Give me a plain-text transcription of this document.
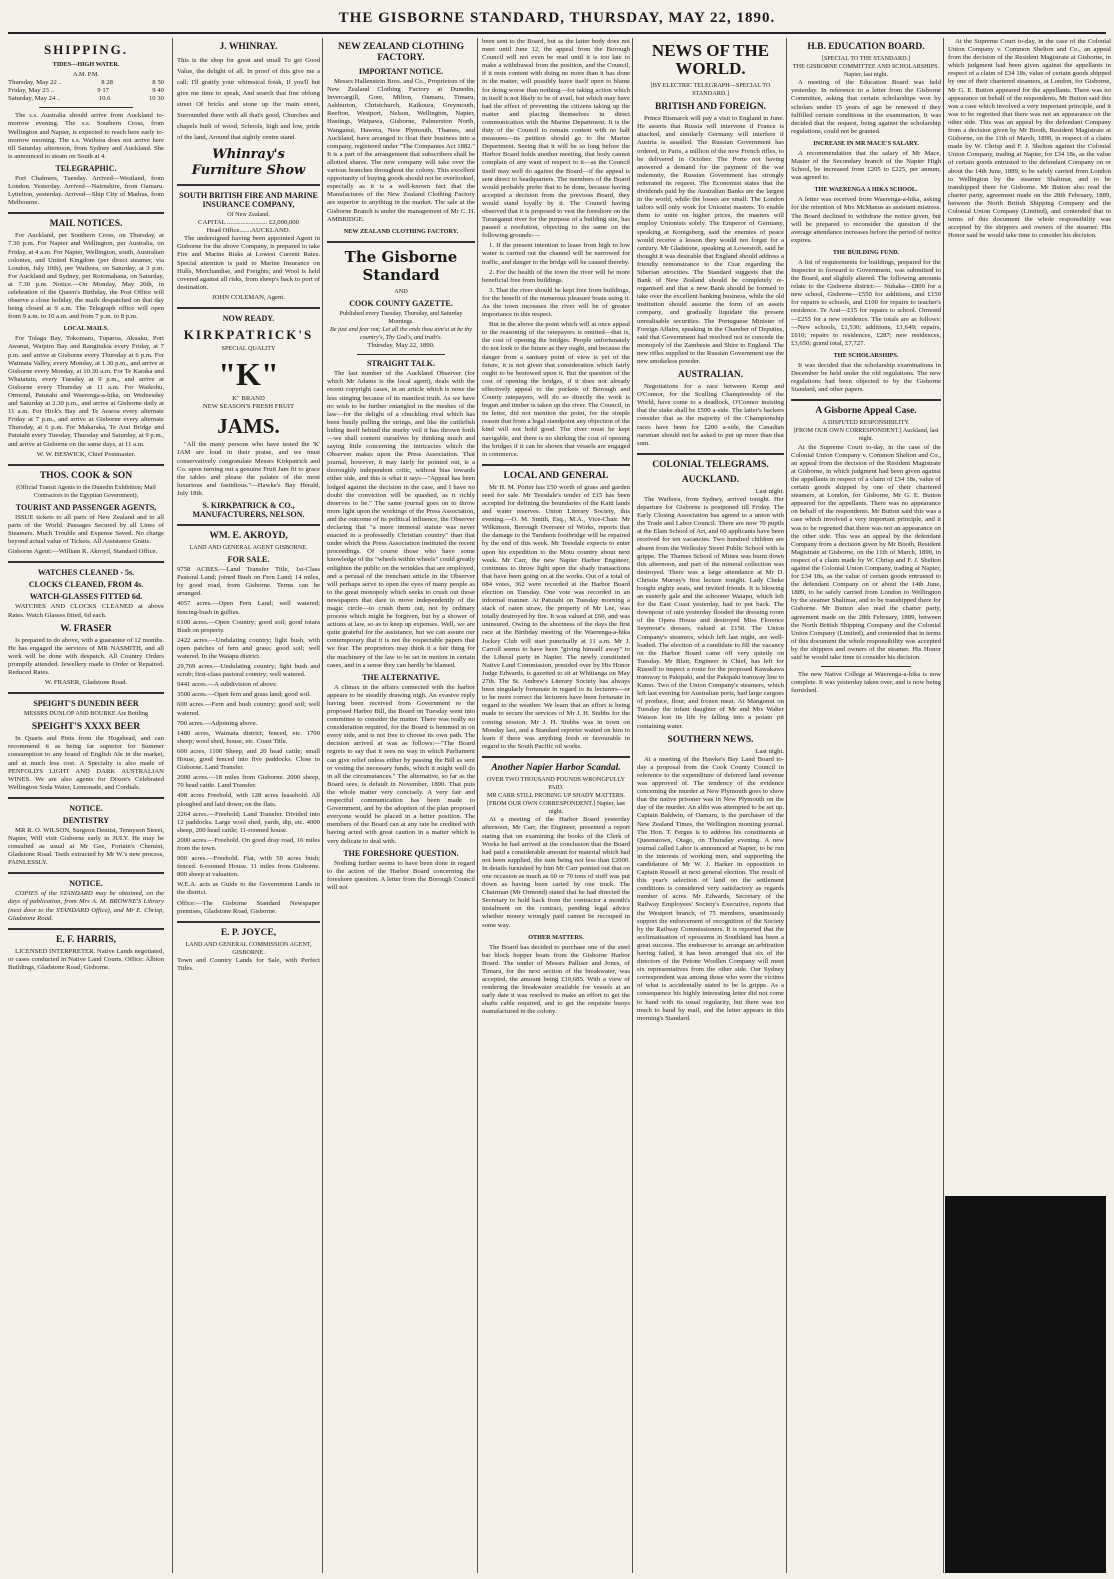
THE GISBORNE STANDARD, THURSDAY, MAY 22, 1890.
SHIPPING.
TIDES—HIGH WATER.
A.M. P.M.
Thursday, May 22 ..	8 28	8 50
Friday, May 23 ..	9 17	9 40
Saturday, May 24 ..	10.6	10 30

The s.s. Australia should arrive from Auckland to-morrow evening. The s.s. Southern Cross, from Wellington and Napier, is expected to reach here early to-morrow morning. The s.s. Waihora does not arrive here till Saturday afternoon, from Sydney and Auckland. She is announced to steam on South at 4.

TELEGRAPHIC.

Port Chalmers, Tuesday. Arrived—Westland, from London. Yesterday. Arrived—Nairnshire, from Oamaru. Lyttelton, yesterday. Arrived—Ship City of Madras, from Melbourne.

MAIL NOTICES.

For Auckland, per Southern Cross, on Thursday, at 7.30 p.m. For Napier and Wellington, per Australia, on Friday, at 4 a.m. For Napier, Wellington, south, Australian colonies, and United Kingdom (per direct steamer, via London, July 10th), per Waihora, on Saturday, at 3 p.m. For Auckland and Sydney, per Rotomahana, on Saturday, at 7.30 p.m. Notice.—On Monday, May 26th, in celebration of the Queen's Birthday, the Post Office will observe a close holiday, the mails despatched on that day being closed at 9 a.m. The Telegraph office will open from 9 a.m. to 10 a.m. and from 7 p.m. to 8 p.m.

LOCAL MAILS.

For Tolaga Bay, Tokomaru, Tuparoa, Akuaku, Port Awanui, Waipiro Bay and Rangitukia every Friday, at 7 p.m. and arrive at Gisborne every Thursday at 6 p.m. For Waimata Valley, every Monday, at 1.30 p.m., and arrive at Gisborne every Monday, at 10.30 a.m. For Te Karaka and Whatatutu, every Tuesday at 9 p.m., and arrive at Gisborne every Thursday at 11 a.m. For Waikohu, Ormond, Patutahi and Waerenga-a-hika, on Wednesday and Saturday at 2.30 p.m., and arrive at Gisborne daily at 11 a.m. For Hick's Bay and Te Araroa every alternate Friday at 7 p.m., and arrive at Gisborne every alternate Thursday, at 6 p.m. For Makaraka, Te Arai Bridge and Patutahi every Tuesday, Thursday and Saturday, at 9 p.m., and arrive at Gisborne on the same days, at 11 a.m.

W. W. BESWICK, Chief Postmaster.
THOS. COOK & SON
(Official Transit Agents to the Dunedin Exhibition; Mail Contractors to the Egyptian Government),
TOURIST AND PASSENGER AGENTS,

ISSUE tickets to all parts of New Zealand and to all parts of the World. Passages Secured by all Lines of Steamers. Much Trouble and Expense Saved. No charge beyond actual value of Tickets. All Assistance Gratis.

Gisborne Agent:—William R. Akroyd, Standard Office.

WATCHES CLEANED - 5s.
CLOCKS CLEANED, FROM 4s.
WATCH-GLASSES FITTED 6d.

WATCHES AND CLOCKS CLEANED at above Rates. Watch Glasses fitted, 6d each.

W. FRASER

Is prepared to do above, with a guarantee of 12 months. He has engaged the services of MR NASMITH, and all work will be done with despatch. All Country Orders promptly attended. Jewellery made to Order or Repaired. Reduced Rates.

W. FRASER, Gladstone Road.
SPEIGHT'S DUNEDIN BEER
MESSRS DUNLOP AND BOURKE Are Bottling
SPEIGHT'S XXXX BEER

In Quarts and Pints from the Hogshead, and can recommend it as being far superior for Summer consumption to any brand of English Ale in the market, and at much less cost. A Specialty is also made of PENFOLD'S LIGHT AND DARK AUSTRALIAN WINES. We are also agents for Dixon's Celebrated Wellington Soda Water, Lemonade, and Cordials.

NOTICE.
DENTISTRY

MR R. O. WILSON, Surgeon Dentist, Tennyson Street, Napier, Will visit Gisborne early in JULY. He may be consulted as usual at Mr Gee, Fortain's Chemist, Gladstone Road. Teeth extracted by Mr W.'s new process, PAINLESSLY.

NOTICE.

COPIES of the STANDARD may be obtained, on the days of publication, from Mrs A. M. BROWNE'S Library (next door to the STANDARD Office), and Mr E. Chrisp, Gladstone Road.

E. F. HARRIS,

LICENSED INTERPRETER. Native Lands negotiated, or cases conducted in Native Land Courts. Office: Albion Buildings, Gladstone Road, Gisborne.

J. WHINRAY.

This is the shop for great and small To get Good Value, the delight of all. In proof of this give me a call; I'll gratify your whimsical freak, If you'll but give me time to speak, And search that fine oblong street Of bricks and stone up the main street, Surrounded there with all that's good, Churches and chapels built of wood, Schools, high and low, pride of the land, Around that sightly centre stand.

Whinray's Furniture Show
SOUTH BRITISH FIRE AND MARINE INSURANCE COMPANY,
Of New Zealand.
CAPITAL ........................ £2,000,000
Head Office.......AUCKLAND.

The undersigned having been appointed Agent in Gisborne for the above Company, is prepared to take Fire and Marine Risks at Lowest Current Rates. Special attention is paid to Marine Insurance on Hulls, Merchandise, and Freights; and Wool is held covered against all risks, from sheep's back to port of destination.

JOHN COLEMAN, Agent.
NOW READY.
KIRKPATRICK'S
SPECIAL QUALITY
"K"
K" BRAND
NEW SEASON'S FRESH FRUIT
JAMS.

"All the many persons who have tested the 'K' JAM are loud in their praise, and we must conservatively congratulate Messrs Kirkpatrick and Co. upon turning out a genuine Fruit Jam fit to grace the tables and please the palates of the most luxurious and fastidious."—Hawke's Bay Herald, July 18th.

S. KIRKPATRICK & CO., MANUFACTURERS, NELSON.
WM. E. AKROYD,
LAND AND GENERAL AGENT GISBORNE.
FOR SALE.

9758 ACRES.—Land Transfer Title, 1st-Class Pastoral Land; joined Bush on Fern Land; 14 miles, by good road, from Gisborne. Terms can be arranged.

4057 acres.—Open Fern Land; well watered; fencing-bush in gullies.

6100 acres.—Open Country; good soil; good totara Bush on property.

2422 acres.—Undulating country; light bush, with open patches of fern and grass; good soil; well watered. In the Waiapu district.

29,769 acres.—Undulating country; light bush and scrub; first-class pastoral country; well watered.

9441 acres.—A subdivision of above.

3500 acres.—Open fern and grass land; good soil.

600 acres.—Fern and bush country; good soil; well watered.

700 acres.—Adjoining above.

1480 acres, Waimata district; fenced, etc. 1700 sheep; wool shed, house, etc. Coast Title.

600 acres, 1100 Sheep, and 20 head cattle; small House, good fenced into five paddocks. Close to Gisborne. Land Transfer.

2000 acres.—18 miles from Gisborne. 2000 sheep, 70 head cattle. Land Transfer.

498 acres Freehold, with 128 acres leasehold. All ploughed and laid down; on the flats.

2264 acres.—Freehold; Land Transfer. Divided into 12 paddocks. Large wool shed, yards, dip, etc. 4000 sheep, 200 head cattle; 11-roomed house.

2000 acres.—Freehold. On good dray road, 16 miles from the town.

900 acres.—Freehold. Flat, with 50 acres bush; fenced. 6-roomed House. 11 miles from Gisborne. 800 sheep at valuation.

W.E.A. acts as Guide to the Government Lands in the district.

Office:—The Gisborne Standard Newspaper premises, Gladstone Road, Gisborne.

E. P. JOYCE,
LAND AND GENERAL COMMISSION AGENT, GISBORNE.

Town and Country Lands for Sale, with Perfect Titles.

NEW ZEALAND CLOTHING FACTORY.
IMPORTANT NOTICE.

Messrs Hallenstein Bros. and Co., Proprietors of the New Zealand Clothing Factory at Dunedin, Invercargill, Gore, Milton, Oamaru, Timaru, Ashburton, Christchurch, Kaikoura, Greymouth, Reefton, Westport, Nelson, Wellington, Napier, Hastings, Waipawa, Gisborne, Palmerston North, Wanganui, Hawera, New Plymouth, Thames, and Auckland, have arranged to float their business into a company, registered under "The Companies Act 1882." It is a part of the arrangement that subscribers shall be allotted shares. The new company will take over the various branches throughout the colony. This excellent opportunity of buying goods should not be overlooked, especially as it is a well-known fact that the Manufactures of the New Zealand Clothing Factory are superior to anything in the market. The sale at the Gisborne Branch is under the management of Mr C. H. AMBRIDGE.

NEW ZEALAND CLOTHING FACTORY.
The Gisborne Standard
AND
COOK COUNTY GAZETTE.
Published every Tuesday, Thursday, and Saturday Mornings.
Be just and fear not; Let all the ends thou aim'st at be thy country's, Thy God's, and truth's.
Thursday, May 22, 1890.
STRAIGHT TALK.

The last number of the Auckland Observer (for which Mr Adams is the local agent), deals with the recent copyright cases, in an article which is none the less stinging because of its manifest truth. As we have no wish to be further entangled in the meshes of the law—for the delight of a chuckling rival which has been busily pulling the strings, and like the cuttlefish hiding itself behind the murky veil it has thrown forth—we shall content ourselves by thinking much and saying little concerning the intricacies which the Observer makes upon the Press Association. That journal, however, it may fairly be pointed out, is a thoroughly independent critic, without bias towards either side, and this is what it says—"Appeal has been lodged against the decision in the case, and I have no doubt the conviction will be quashed, as it richly deserves to be." The same journal goes on to throw more light upon the workings of the Press Association, and the outcome of its political influence, the Observer declaring that "a more immoral statute was never enacted in a professedly Christian country" than that under which the Press Association instituted the recent proceedings. Of course those who have some knowledge of the "wheels within wheels" could greatly enlighten the public on the wrinkles that are employed, and a perusal of the trenchant article in the Observer will perhaps serve to open the eyes of many people as to the great monopoly which seeks to crush out those newspapers that dare to move independently of the magic circle—to crush them out, not by ordinary process which might be forgiven, but by a shower of actions at law, so as to keep up expenses. Well, we are quite grateful for the assistance, but we can assure our contemporary that it is not the respectable papers that we fear. The proprietors may think it a fair thing for the machinery of the law to be set in motion in certain cases, and in a sense they can hardly be blamed.

THE ALTERNATIVE.

A climax in the affairs connected with the harbor appears to be steadily drawing nigh. An evasive reply having been received from Government re the proposed Harbor Bill, the Board on Tuesday went into committee to consider the matter. There was really no consideration required, for the Board is hemmed in on every side, and is not free to choose its own path. The decision arrived at was as follows:—"The Board regrets to say that it sees no way in which Parliament can give relief unless either by passing the Bill as sent or vesting the necessary funds, which it might well do in all the circumstances." The alternative, so far as the Board sees, is default in November, 1890. That puts the whole matter very concisely. A very fair and respectful communication has been made to Government, and by the adoption of the plan proposed everyone would be placed in a better position. The members of the Board can at any rate be credited with having acted with great caution in a matter which is very delicate to deal with.

THE FORESHORE QUESTION.

Nothing further seems to have been done in regard to the action of the Harbor Board concerning the foreshore question. A letter from the Borough Council will not

been sent to the Board, but as the latter body does not meet until June 12, the appeal from the Borough Council will not even be read until it is too late to make a withdrawal from the position, and the Council, if it rests content with doing no more than it has done in the matter, will possibly leave itself open to blame for doing worse than nothing—for taking action which in itself is not likely to be of avail, but which may have had the effect of preventing the citizens taking up the matter and placing themselves in direct communication with the Marine Department. It is the duty of the Council to remain content with no half measures—its petition should go to the Marine Department. Seeing that it will be so long before the Harbor Board holds another meeting, that body cannot complain of any want of respect to it—as the Council itself may well do against the Board—if the appeal is sent direct to headquarters. The members of the Board would probably prefer that to be done, because having accepted a decision from the previous Board, they would stand loyally by it. The Council having observed that it is proposed to vest the foreshore on the Turanganui river for the purpose of a building site, has passed a resolution, objecting to the same on the following grounds:—

1. If the present intention to lease from high to low water is carried out the channel will be narrowed for traffic, and danger to the bridge will be caused thereby.

2. For the health of the town the river will be more beneficial free from buildings.

3. That the river should be kept free from buildings, for the benefit of the numerous pleasure boats using it. As the town increases the river will be of greater importance in this respect.

But in the above the point which will at once appeal to the reasoning of the ratepayers is omitted—that is, the cost of opening the bridges. People unfortunately do not look to the future as they ought, and because the danger from a sanitary point of view is yet of the future, it is not given that consideration which fairly ought to be bestowed upon it. But the question of the cost of opening the bridges, if it does not already effectively appeal to the pockets of Borough and County ratepayers, will do so directly the work is begun and timber is taken up the river. The Council, in its letter, did not mention the point, for the simple reason that from a legal standpoint any objection of the kind will not hold good. The river must be kept navigable, and there is no shirking the cost of opening the bridges if it can be shown that vessels are engaged in commerce.

LOCAL AND GENERAL

Mr H. M. Porter has £50 worth of grass and garden seed for sale. Mr Teesdale's tender of £15 has been accepted for defining the boundaries of the Kaiti lands and water reserves. Union Literary Society, this evening.—O. M. Smith, Esq., M.A., Vice-Chair. Mr Wilkinson, Borough Overseer of Works, reports that the damage to the Taruheru footbridge will be repaired by the end of this week. Mr Teesdale expects to enter upon his expedition to the Motu country about next week. Mr Carr, the new Napier Harbor Engineer, continues to throw light upon the shady transactions that have been going on at the works. Out of a total of 684 votes, 362 were recorded at the Harbor Board election on Tuesday. One vote was recorded in an informal manner. At Patutahi on Tuesday morning a stack of oaten straw, the property of Mr Lee, was totally destroyed by fire. It was valued at £60, and was uninsured. Owing to the shortness of the days the first race at the Birthday meeting of the Waerenga-a-hika Jockey Club will start punctually at 11 a.m. Mr J. Carroll seems to have been "giving himself away" to the Liberal party in Napier. The newly constituted Native Land Commission, presided over by His Honor Judge Edwards, is gazetted to sit at Whitianga on May 27th. The St. Andrew's Literary Society has always been singularly fortunate in regard to its lecturers—or to be more correct the lecturers have been fortunate in regard to the weather. We learn that an effort is being made to secure the services of Mr J. H. Stubbs for the coming session. Mr J. H. Stubbs was in town on Monday last, and a Standard reporter waited on him to learn if there was anything fresh or favourable in regard to the South Pacific oil works.

Another Napier Harbor Scandal.
OVER TWO THOUSAND POUNDS WRONGFULLY PAID.
MR CARR STILL PROBING UP SHADY MATTERS.
[FROM OUR OWN CORRESPONDENT.] Napier, last night.

At a meeting of the Harbor Board yesterday afternoon, Mr Carr, the Engineer, presented a report stating that on examining the books of the Clerk of Works he had arrived at the conclusion that the Board had paid a considerable amount for material which had not been supplied, the sum being not less than £2000. In details furnished by him Mr Carr pointed out that on one occasion as much as 60 or 70 tons of stuff was put down as having been carted by one truck. The Chairman (Mr Ormond) stated that he had directed the Secretary to hold back from the contractor a month's instalment on the contract, pending legal advice whether money wrongly paid cannot be recouped in some way.

OTHER MATTERS.

The Board has decided to purchase one of the steel bar block hopper boats from the Gisborne Harbor Board. The tender of Messrs Palliser and Jones, of Timaru, for the next section of the breakwater, was accepted, the amount being £10,685. With a view of rendering the breakwater available for vessels at an early date it was resolved to make an effort to get the shafts cable required, and to get the requisite buoys manufactured in the colony.

NEWS OF THE WORLD.
[BY ELECTRIC TELEGRAPH—SPECIAL TO STANDARD.]
BRITISH AND FOREIGN.

Prince Bismarck will pay a visit to England in June. He asserts that Russia will intervene if France is attacked, and similarly Germany will interfere if Austria is assailed. The Russian Government has ordered, in Paris, a million of the new French rifles, to be delivered in October. The Porte not having answered a demand for the payment of the war indemnity, the Russian Government has strongly reiterated its request. The Economist states that the dividends paid by the Australian Banks are the largest in the world, while the losses are small. The London tailors will only work for Unionist masters. To enable them to unite on higher prices, the masters will employ Unionists solely. The Emperor of Germany, speaking at Konigsberg, said the enemies of peace would receive a lesson they would not forget for a century. Mr Gladstone, speaking at Lowestoft, said he thought it was desirable that England should address a friendly remonstrance to the Czar regarding the Siberian atrocities. The Standard suggests that the Bank of New Zealand should be completely re-organised and that a new Bank should be formed to take over the excellent banking business, while the old institution should assume the form of an assets company, and gradually liquidate the present unrealisable securities. The Portuguese Minister of Foreign Affairs, speaking in the Chamber of Deputies, said that Government had resolved not to concede the monopoly of the Zambesie and Shire to England. The new rifles supplied to the Russian Government use the new smokeless powder.

AUSTRALIAN.

Negotiations for a race between Kemp and O'Connor, for the Sculling Championship of the World, have come to a deadlock, O'Connor insisting that the stake shall be £500 a-side. The latter's backers consider that as the majority of the Championship races have been for £200 a-side, the Canadian oarsman should not be asked to put up more than that sum.

COLONIAL TELEGRAMS.
AUCKLAND.
Last night.

The Waihora, from Sydney, arrived tonight. Her departure for Gisborne is postponed till Friday. The Early Closing Association has agreed to a union with the Trade and Labor Council. There are now 70 pupils at the Elam School of Art, and 60 applicants have been received for ten vacancies. Two hundred children are absent from the Wellesley Street Public School with la grippe. The Thames School of Mines was burnt down this afternoon, and part of the mineral collection was destroyed. There was a large attendance at Mr D. Christie Murray's first lecture tonight. Lady Cheke bought eighty seats, and invited friends. It is blowing an easterly gale and the schooner Waiapu, which left for the East Coast yesterday, had to put back. The downpour of rain yesterday flooded the dressing room of the Opera House and destroyed Miss Florence Seymour's dresses, valued at £150. The Union Company's steamers, which left last night, are well-loaded. The election of a candidate to fill the vacancy on the Harbor Board came off very quietly on Tuesday. Mr Blair, Engineer in Chief, has left for Russell to inspect a route for the proposed Kawakawa tramway to Pakipaki, and the Pakipaki tramway line to Kamo. Two of the Union Company's steamers, which left last evening for Australian ports, had large cargoes of produce, flour, and frozen meat. At Mangonui on Tuesday the infant daughter of Mr and Mrs Walter Watson lost its life by falling into a potato pit containing water.

SOUTHERN NEWS.
Last night.

At a meeting of the Hawke's Bay Land Board to-day a proposal from the Cook County Council in reference to the expenditure of deferred land revenue was approved of. The tendency of the evidence concerning the murder at New Plymouth goes to show that the native prisoner was in New Plymouth on the day of the murder. An alibi was attempted to be set up. Captain Baldwin, of Oamaru, is the purchaser of the New Zealand Times, the Wellington morning journal. The Hon. T. Fergus is to address his constituents at Queenstown, Otago, on Thursday evening. A new journal called Labor is announced at Napier, to be run in the interests of working men, and supporting the candidature of Mr W. J. Harker in opposition to Captain Russell at next general election. The result of this year's selection of land on the settlement conditions is considered very satisfactory as regards number of acres. Mr Edwards, Secretary of the Railway Employees' Society's Executive, reports that the Westport branch, of 75 members, unanimously support the enforcement of recognition of the Society by the Railway Commissioners. It is reported that the acclimatisation of opossums in Southland has been a great success. The endeavour to arrange an arbitration having failed, it has been arranged that six of the directors of the Petone Woollen Company will meet six representatives from the other side. Our Sydney correspondent was among those who were the victims of what is accidentally stated to be la grippe. As a consequence his highly interesting letter did not come to hand with its usual regularity, but there was too much to hand by mail, and the letter appears in this morning's Standard.

H.B. EDUCATION BOARD.
[SPECIAL TO THE STANDARD.]
THE GISBORNE COMMITTEE AND SCHOLARSHIPS. Napier, last night.

A meeting of the Education Board was held yesterday. In reference to a letter from the Gisborne Committee, asking that certain scholarships won by scholars under 15 years of age be renewed if they fulfilled certain conditions in the examination, It was decided that the request, being against the scholarship regulations, could not be granted.

INCREASE IN MR MACE'S SALARY.

A recommendation that the salary of Mr Mace, Master of the Secondary branch of the Napier High School, be increased from £205 to £225, per annum, was agreed to.

THE WAERENGA A HIKA SCHOOL.

A letter was received from Waerenga-a-hika, asking for the retention of Mrs McManus as assistant mistress. The Board declined to withdraw the notice given, but will be prepared to reconsider the question if the average attendance increases before the period of notice expires.

THE BUILDING FUND.

A list of requirements for buildings, prepared for the Inspector to forward to Government, was submitted to the Board, and slightly altered. The following amounts relate to the Gisborne district:— Nuhaka—£800 for a new school, Gisborne—£550 for additions, and £150 for repairs to schools, and £100 for repairs to teacher's residence. Te Arai—£15 for repairs to school. Ormond—£255 for a new residence. The totals are as follows:—New schools, £1,530; additions, £1,649; repairs, £610; repairs to residences, £287; new residences, £3,650; grand total, £7,727.

THE SCHOLARSHIPS.

It was decided that the scholarship examinations in December be held under the old regulations. The new regulations had been objected to by the Gisborne Standard, and other papers.

A Gisborne Appeal Case.
A DISPUTED RESPONSIBILITY.
[FROM OUR OWN CORRESPONDENT.] Auckland, last night.

At the Supreme Court to-day, in the case of the Colonial Union Company v. Common Shelton and Co., an appeal from the decision of the Resident Magistrate at Gisborne, in which judgment had been given against the appellants in respect of a claim of £34 18s, value of certain goods shipped by one of their chartered steamers, at London, for Gisborne, Mr G. E. Button appeared for the appellants. There was no appearance on behalf of the respondents. Mr Button said this was a case which involved a very important principle, and it was to be regretted that there was not an appearance on the other side. This was an appeal by the defendant Company from a decision given by Mr Booth, Resident Magistrate at Gisborne, on the 11th of March, 1890, in respect of a claim made by W. Chrisp and F. J. Shelton against the Colonial Union Company, trading at Napier, for £34 18s, as the value of certain goods entrusted to the defendant Company on or about the 14th June, 1889, to be safely carried from London to Wellington by the steamer Shalimar, and to be transhipped there for Gisborne. Mr Button also read the charter party, agreement made on the 28th February, 1889, between the North British Shipping Company and the Colonial Union Company (Limited), and contended that in terms of this document the whole responsibility was accepted by the shippers and owners of the steamer. His Honor said he would take time to consider his decision.

The new Native College at Waerenga-a-hika is now complete. It was yesterday taken over, and is now being furnished.

At the Supreme Court to-day, in the case of the Colonial Union Company v. Common Shelton and Co., an appeal from the decision of the Resident Magistrate at Gisborne, in which judgment had been given against the appellants in respect of a claim of £34 18s, value of certain goods shipped by one of their chartered steamers, at London, for Gisborne, Mr G. E. Button appeared for the appellants. There was no appearance on behalf of the respondents. Mr Button said this was a case which involved a very important principle, and it was to be regretted that there was not an appearance on the other side. This was an appeal by the defendant Company from a decision given by Mr Booth, Resident Magistrate at Gisborne, on the 11th of March, 1890, in respect of a claim made by W. Chrisp and F. J. Shelton against the Colonial Union Company, trading at Napier, for £34 18s, as the value of certain goods entrusted to the defendant Company on or about the 14th June, 1889, to be safely carried from London to Wellington by the steamer Shalimar, and to be transhipped there for Gisborne. Mr Button also read the charter party, agreement made on the 28th February, 1889, between the North British Shipping Company and the Colonial Union Company (Limited), and contended that in terms of this document the whole responsibility was accepted by the shippers and owners of the steamer. His Honor said he would take time to consider his decision.
